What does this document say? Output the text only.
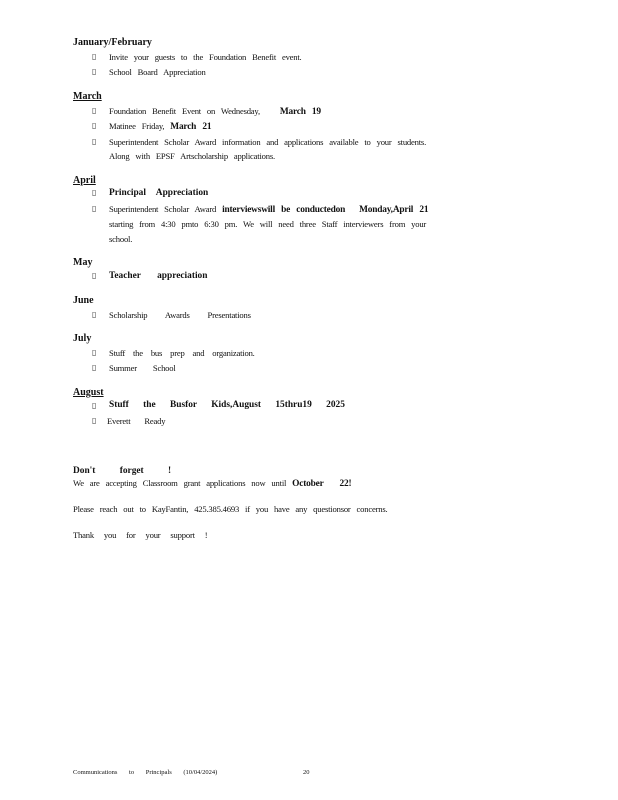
January/February
▯ Invite your guests to the Foundation Benefit event.
▯ School Board Appreciation
March
▯ Foundation Benefit Event on Wednesday, March 19
▯ Matinee Friday, March 21
▯ Superintendent Scholar Award information and applications available to your students.
Along with EPSF Artscholarship applications.
April
▯ Principal Appreciation
▯ Superintendent Scholar Award interviewswill be conductedon Monday,April 21
starting from 4:30 pmto 6:30 pm. We will need three Staff interviewers from your
school.
May
▯ Teacher appreciation
June
▯ Scholarship Awards Presentations
July
▯ Stuff the bus prep and organization.
▯ Summer School
August
▯ Stuff the Busfor Kids,August 15thru19 2025
▯ Everett Ready
Don't forget !
We are accepting Classroom grant applications now until October 22!
Please reach out to KayFantin, 425.385.4693 if you have any questionsor concerns.
Thank you for your support !
Communications to Principals (10/04/2024)	20
